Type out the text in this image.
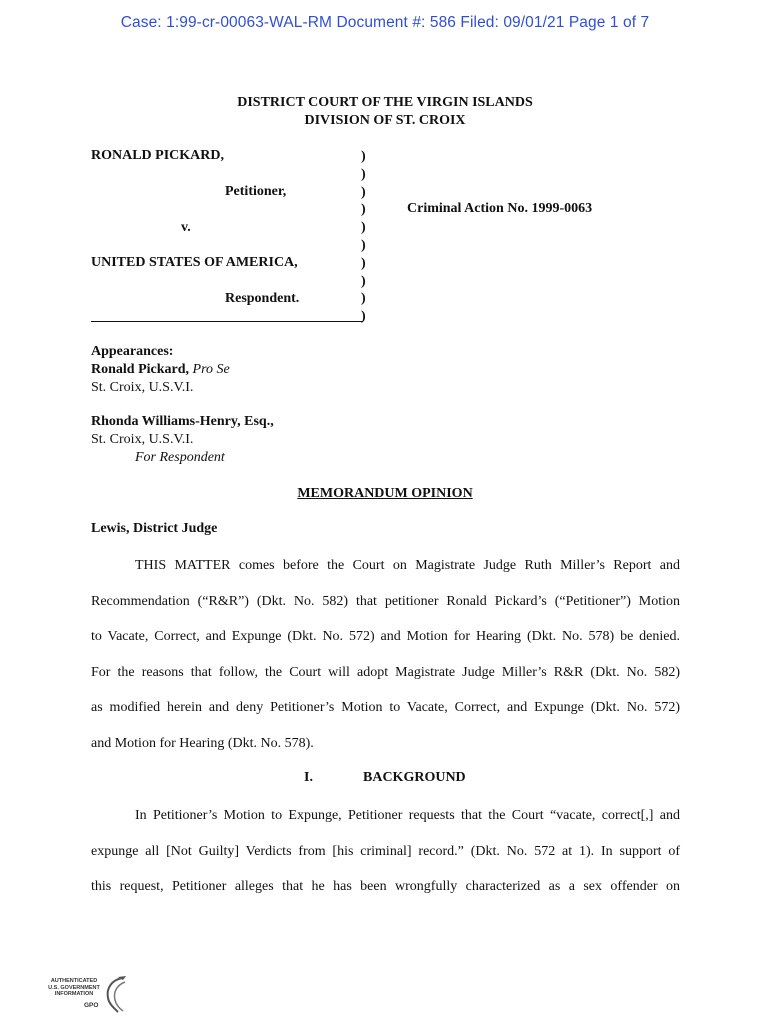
Case: 1:99-cr-00063-WAL-RM Document #: 586 Filed: 09/01/21 Page 1 of 7
DISTRICT COURT OF THE VIRGIN ISLANDS
DIVISION OF ST. CROIX
RONALD PICKARD,
Petitioner,
v.
UNITED STATES OF AMERICA,
Respondent.
)
)
)
)
)
)
)
)
)
)
Criminal Action No. 1999-0063
Appearances:
Ronald Pickard, Pro Se
St. Croix, U.S.V.I.
Rhonda Williams-Henry, Esq.,
St. Croix, U.S.V.I.
For Respondent
MEMORANDUM OPINION
Lewis, District Judge
THIS MATTER comes before the Court on Magistrate Judge Ruth Miller’s Report and
Recommendation (“R&R”) (Dkt. No. 582) that petitioner Ronald Pickard’s (“Petitioner”) Motion
to Vacate, Correct, and Expunge (Dkt. No. 572) and Motion for Hearing (Dkt. No. 578) be denied.
For the reasons that follow, the Court will adopt Magistrate Judge Miller’s R&R (Dkt. No. 582)
as modified herein and deny Petitioner’s Motion to Vacate, Correct, and Expunge (Dkt. No. 572)
and Motion for Hearing (Dkt. No. 578).
I.	BACKGROUND
In Petitioner’s Motion to Expunge, Petitioner requests that the Court “vacate, correct[,] and
expunge all [Not Guilty] Verdicts from [his criminal] record.” (Dkt. No. 572 at 1). In support of
this request, Petitioner alleges that he has been wrongfully characterized as a sex offender on
AUTHENTICATED
U.S. GOVERNMENT
INFORMATION
GPO
